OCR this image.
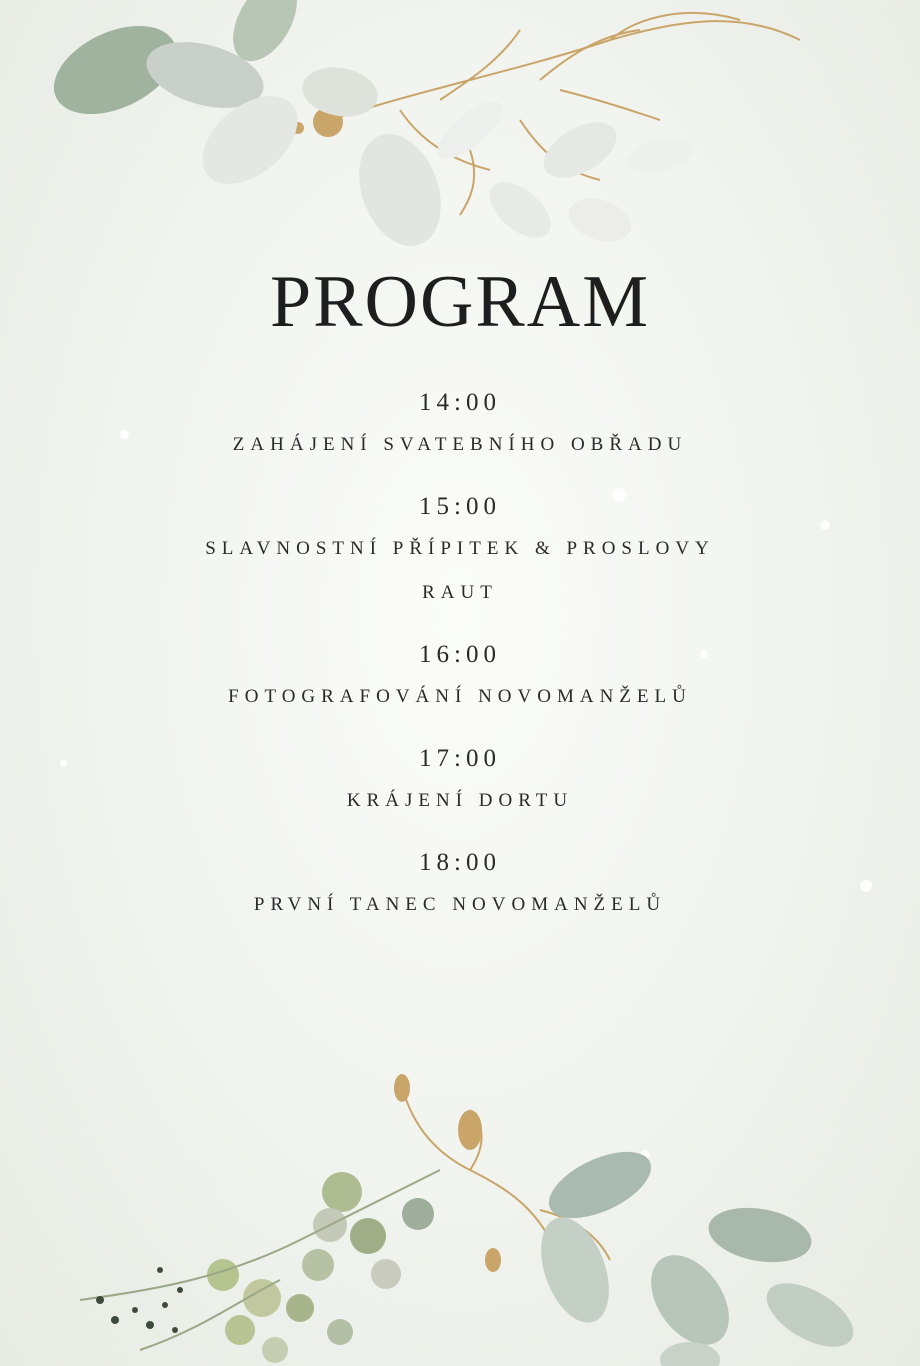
PROGRAM
14:00
ZAHÁJENÍ SVATEBNÍHO OBŘADU
15:00
SLAVNOSTNÍ PŘÍPITEK & PROSLOVY
RAUT
16:00
FOTOGRAFOVÁNÍ NOVOMANŽELŮ
17:00
KRÁJENÍ DORTU
18:00
PRVNÍ TANEC NOVOMANŽELŮ
